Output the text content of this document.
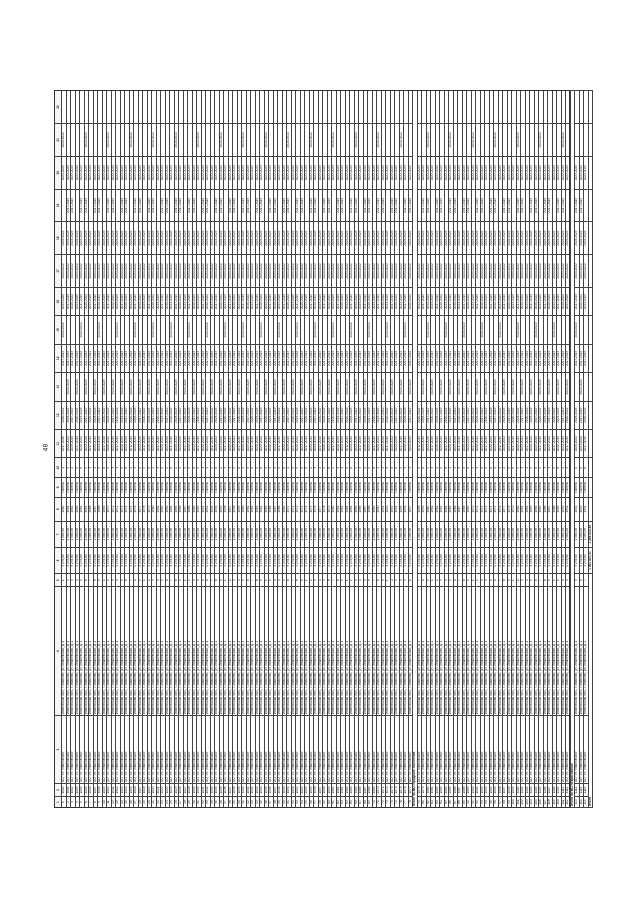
48
1	2	3	4	5	6	7	8	9	10	11	12	13	14	15	16	17	18	19	20	21	22
1	1000	АО "УК "Ивановский"	Ивановская обл., г. Иваново, ул. Лежневская, д. 1	1	3 278,80	1 583,58	1960	Панель	2	2017-2019	2020-2022		2017-2019	2020-2022	2023-2025	2020-2022	2023-2025		2023-2025	2020-2022	
2	1001	АО "УК "Ивановский"	Ивановская обл., г. Иваново, ул. Лежневская, д. 1	2	3 278,80	1 583,58	1961	Панель	3	2020-2022	2023-2025	2023-2025	2017-2019		2017-2019	2020-2022	2023-2025	2017-2019	2023-2025		
3	1002	АО "УК "Ивановский"	Ивановская обл., г. Иваново, ул. Лежневская, д. 1	3	3 278,80	1 583,58	1962	Панель	4	2023-2025	2017-2019		2017-2019		2020-2022	2020-2022	2023-2025	2017-2019	2023-2025		
4	1003	АО "УК "Ивановский"	Ивановская обл., г. Иваново, ул. Лежневская, д. 1	4	3 278,80	1 583,58	1963	Панель	5	2017-2019	2020-2022	2023-2025	2017-2019		2023-2025	2020-2022	2023-2025		2023-2025		
5	1004	АО "УК "Ивановский"	Ивановская обл., г. Иваново, ул. Лежневская, д. 1	5	3 278,80	1 583,58	1964	Панель	6	2020-2022	2023-2025		2017-2019	2020-2022	2017-2019	2020-2022	2023-2025	2017-2019	2023-2025		
6	1005	АО "УК "Ивановский"	Ивановская обл., г. Иваново, ул. Лежневская, д. 1	6	3 278,80	1 583,58	1965	Панель	2	2023-2025	2017-2019	2023-2025	2017-2019		2020-2022	2020-2022	2023-2025	2017-2019	2023-2025	2020-2022	
7	1006	АО "УК "Ивановский"	Ивановская обл., г. Иваново, ул. Лежневская, д. 1	7	3 278,80	1 583,58	1966	Панель	3	2017-2019	2020-2022		2017-2019		2023-2025	2020-2022	2023-2025		2023-2025		
8	1007	АО "УК "Ивановский"	Ивановская обл., г. Иваново, ул. Лежневская, д. 1	8	3 278,80	1 583,58	1967	Панель	4	2020-2022	2023-2025	2023-2025	2017-2019		2017-2019	2020-2022	2023-2025	2017-2019	2023-2025		
9	1008	АО "УК "Ивановский"	Ивановская обл., г. Иваново, ул. Лежневская, д. 1	9	3 278,80	1 583,58	1968	Панель	5	2023-2025	2017-2019		2017-2019	2020-2022	2020-2022	2020-2022	2023-2025	2017-2019	2023-2025		
10	1009	АО "УК "Ивановский"	Ивановская обл., г. Иваново, ул. Лежневская, д. 1	1	3 278,80	1 583,58	1969	Панель	6	2017-2019	2020-2022	2023-2025	2017-2019		2023-2025	2020-2022	2023-2025		2023-2025		
11	1010	АО "УК "Ивановский"	Ивановская обл., г. Иваново, ул. Лежневская, д. 1	2	3 278,80	1 583,58	1970	Панель	2	2020-2022	2023-2025		2017-2019		2017-2019	2020-2022	2023-2025	2017-2019	2023-2025	2020-2022	
12	1011	АО "УК "Ивановский"	Ивановская обл., г. Иваново, ул. Лежневская, д. 1	3	3 278,80	1 583,58	1971	Панель	3	2023-2025	2017-2019	2023-2025	2017-2019		2020-2022	2020-2022	2023-2025	2017-2019	2023-2025		
13	1012	АО "УК "Ивановский"	Ивановская обл., г. Иваново, ул. Лежневская, д. 1	4	3 278,80	1 583,58	1972	Панель	4	2017-2019	2020-2022		2017-2019	2020-2022	2023-2025	2020-2022	2023-2025		2023-2025		
14	1013	АО "УК "Ивановский"	Ивановская обл., г. Иваново, ул. Лежневская, д. 1	5	3 278,80	1 583,58	1973	Панель	5	2020-2022	2023-2025	2023-2025	2017-2019		2017-2019	2020-2022	2023-2025	2017-2019	2023-2025		
15	1014	АО "УК "Ивановский"	Ивановская обл., г. Иваново, ул. Лежневская, д. 1	6	3 278,80	1 583,58	1974	Панель	6	2023-2025	2017-2019		2017-2019		2020-2022	2020-2022	2023-2025	2017-2019	2023-2025		
16	1015	АО "УК "Ивановский"	Ивановская обл., г. Иваново, ул. Лежневская, д. 1	7	3 278,80	1 583,58	1975	Панель	2	2017-2019	2020-2022	2023-2025	2017-2019		2023-2025	2020-2022	2023-2025		2023-2025	2020-2022	
17	1016	АО "УК "Ивановский"	Ивановская обл., г. Иваново, ул. Лежневская, д. 1	8	3 278,80	1 583,58	1976	Панель	3	2020-2022	2023-2025		2017-2019	2020-2022	2017-2019	2020-2022	2023-2025	2017-2019	2023-2025		
18	1017	АО "УК "Ивановский"	Ивановская обл., г. Иваново, ул. Лежневская, д. 1	9	3 278,80	1 583,58	1977	Панель	4	2023-2025	2017-2019	2023-2025	2017-2019		2020-2022	2020-2022	2023-2025	2017-2019	2023-2025		
19	1018	АО "УК "Ивановский"	Ивановская обл., г. Иваново, ул. Лежневская, д. 1	1	3 278,80	1 583,58	1978	Панель	5	2017-2019	2020-2022		2017-2019		2023-2025	2020-2022	2023-2025		2023-2025		
20	1019	АО "УК "Ивановский"	Ивановская обл., г. Иваново, ул. Лежневская, д. 1	2	3 278,80	1 583,58	1979	Панель	6	2020-2022	2023-2025	2023-2025	2017-2019		2017-2019	2020-2022	2023-2025	2017-2019	2023-2025		
21	1020	АО "УК "Ивановский"	Ивановская обл., г. Иваново, ул. Лежневская, д. 1	3	3 278,80	1 583,58	1980	Панель	2	2023-2025	2017-2019		2017-2019	2020-2022	2020-2022	2020-2022	2023-2025	2017-2019	2023-2025	2020-2022	
22	1021	АО "УК "Ивановский"	Ивановская обл., г. Иваново, ул. Лежневская, д. 1	4	3 278,80	1 583,58	1981	Панель	3	2017-2019	2020-2022	2023-2025	2017-2019		2023-2025	2020-2022	2023-2025		2023-2025		
23	1022	АО "УК "Ивановский"	Ивановская обл., г. Иваново, ул. Лежневская, д. 1	5	3 278,80	1 583,58	1982	Панель	4	2020-2022	2023-2025		2017-2019		2017-2019	2020-2022	2023-2025	2017-2019	2023-2025		
24	1023	АО "УК "Ивановский"	Ивановская обл., г. Иваново, ул. Лежневская, д. 1	6	3 278,80	1 583,58	1983	Панель	5	2023-2025	2017-2019	2023-2025	2017-2019		2020-2022	2020-2022	2023-2025	2017-2019	2023-2025		
25	1024	АО "УК "Ивановский"	Ивановская обл., г. Иваново, ул. Лежневская, д. 1	7	3 278,80	1 583,58	1984	Панель	6	2017-2019	2020-2022		2017-2019	2020-2022	2023-2025	2020-2022	2023-2025		2023-2025		
26	1025	АО "УК "Ивановский"	Ивановская обл., г. Иваново, ул. Лежневская, д. 1	8	3 278,80	1 583,58	1985	Панель	2	2020-2022	2023-2025	2023-2025	2017-2019		2017-2019	2020-2022	2023-2025	2017-2019	2023-2025	2020-2022	
27	1026	АО "УК "Ивановский"	Ивановская обл., г. Иваново, ул. Лежневская, д. 1	9	3 278,80	1 583,58	1986	Панель	3	2023-2025	2017-2019		2017-2019		2020-2022	2020-2022	2023-2025	2017-2019	2023-2025		
28	1027	АО "УК "Ивановский"	Ивановская обл., г. Иваново, ул. Лежневская, д. 1	1	3 278,80	1 583,58	1987	Панель	4	2017-2019	2020-2022	2023-2025	2017-2019		2023-2025	2020-2022	2023-2025		2023-2025		
29	1028	АО "УК "Ивановский"	Ивановская обл., г. Иваново, ул. Лежневская, д. 1	2	3 278,80	1 583,58	1988	Панель	5	2020-2022	2023-2025		2017-2019	2020-2022	2017-2019	2020-2022	2023-2025	2017-2019	2023-2025		
30	1029	АО "УК "Ивановский"	Ивановская обл., г. Иваново, ул. Лежневская, д. 1	3	3 278,80	1 583,58	1989	Панель	6	2023-2025	2017-2019	2023-2025	2017-2019		2020-2022	2020-2022	2023-2025	2017-2019	2023-2025		
31	1030	АО "УК "Ивановский"	Ивановская обл., г. Иваново, ул. Лежневская, д. 1	4	3 278,80	1 583,58	1990	Панель	2	2017-2019	2020-2022		2017-2019		2023-2025	2020-2022	2023-2025		2023-2025	2020-2022	
32	1031	АО "УК "Ивановский"	Ивановская обл., г. Иваново, ул. Лежневская, д. 1	5	3 278,80	1 583,58	1991	Панель	3	2020-2022	2023-2025	2023-2025	2017-2019		2017-2019	2020-2022	2023-2025	2017-2019	2023-2025		
33	1032	АО "УК "Ивановский"	Ивановская обл., г. Иваново, ул. Лежневская, д. 1	6	3 278,80	1 583,58	1992	Панель	4	2023-2025	2017-2019		2017-2019	2020-2022	2020-2022	2020-2022	2023-2025	2017-2019	2023-2025		
34	1033	АО "УК "Ивановский"	Ивановская обл., г. Иваново, ул. Лежневская, д. 1	7	3 278,80	1 583,58	1993	Панель	5	2017-2019	2020-2022	2023-2025	2017-2019		2023-2025	2020-2022	2023-2025		2023-2025		
35	1034	АО "УК "Ивановский"	Ивановская обл., г. Иваново, ул. Лежневская, д. 1	8	3 278,80	1 583,58	1994	Панель	6	2020-2022	2023-2025		2017-2019		2017-2019	2020-2022	2023-2025	2017-2019	2023-2025		
36	1035	АО "УК "Ивановский"	Ивановская обл., г. Иваново, ул. Лежневская, д. 1	9	3 278,80	1 583,58	1995	Панель	2	2023-2025	2017-2019	2023-2025	2017-2019		2020-2022	2020-2022	2023-2025	2017-2019	2023-2025	2020-2022	
37	1036	АО "УК "Ивановский"	Ивановская обл., г. Иваново, ул. Лежневская, д. 1	1	3 278,80	1 583,58	1996	Панель	3	2017-2019	2020-2022		2017-2019	2020-2022	2023-2025	2020-2022	2023-2025		2023-2025		
38	1037	АО "УК "Ивановский"	Ивановская обл., г. Иваново, ул. Лежневская, д. 1	2	3 278,80	1 583,58	1997	Панель	4	2020-2022	2023-2025	2023-2025	2017-2019		2017-2019	2020-2022	2023-2025	2017-2019	2023-2025		
39	1038	АО "УК "Ивановский"	Ивановская обл., г. Иваново, ул. Лежневская, д. 1	3	3 278,80	1 583,58	1998	Панель	5	2023-2025	2017-2019		2017-2019		2020-2022	2020-2022	2023-2025	2017-2019	2023-2025		
40	1039	АО "УК "Ивановский"	Ивановская обл., г. Иваново, ул. Лежневская, д. 1	4	3 278,80	1 583,58	1999	Панель	6	2017-2019	2020-2022	2023-2025	2017-2019		2023-2025	2020-2022	2023-2025		2023-2025		
41	1040	АО "УК "Ивановский"	Ивановская обл., г. Иваново, ул. Лежневская, д. 1	5	3 278,80	1 583,58	1960	Панель	2	2020-2022	2023-2025		2017-2019	2020-2022	2017-2019	2020-2022	2023-2025	2017-2019	2023-2025	2020-2022	
42	1041	АО "УК "Ивановский"	Ивановская обл., г. Иваново, ул. Лежневская, д. 1	6	3 278,80	1 583,58	1961	Панель	3	2023-2025	2017-2019	2023-2025	2017-2019		2020-2022	2020-2022	2023-2025	2017-2019	2023-2025		
43	1042	АО "УК "Ивановский"	Ивановская обл., г. Иваново, ул. Лежневская, д. 1	7	3 278,80	1 583,58	1962	Панель	4	2017-2019	2020-2022		2017-2019		2023-2025	2020-2022	2023-2025		2023-2025		
44	1043	АО "УК "Ивановский"	Ивановская обл., г. Иваново, ул. Лежневская, д. 1	8	3 278,80	1 583,58	1963	Панель	5	2020-2022	2023-2025	2023-2025	2017-2019		2017-2019	2020-2022	2023-2025	2017-2019	2023-2025		
45	1044	АО "УК "Ивановский"	Ивановская обл., г. Иваново, ул. Лежневская, д. 1	9	3 278,80	1 583,58	1964	Панель	6	2023-2025	2017-2019		2017-2019	2020-2022	2020-2022	2020-2022	2023-2025	2017-2019	2023-2025		
46	1045	АО "УК "Ивановский"	Ивановская обл., г. Иваново, ул. Лежневская, д. 1	1	3 278,80	1 583,58	1965	Панель	2	2017-2019	2020-2022	2023-2025	2017-2019		2023-2025	2020-2022	2023-2025		2023-2025	2020-2022	
47	1046	АО "УК "Ивановский"	Ивановская обл., г. Иваново, ул. Лежневская, д. 1	2	3 278,80	1 583,58	1966	Панель	3	2020-2022	2023-2025		2017-2019		2017-2019	2020-2022	2023-2025	2017-2019	2023-2025		
48	1047	АО "УК "Ивановский"	Ивановская обл., г. Иваново, ул. Лежневская, д. 1	3	3 278,80	1 583,58	1967	Панель	4	2023-2025	2017-2019	2023-2025	2017-2019		2020-2022	2020-2022	2023-2025	2017-2019	2023-2025		
49	1048	АО "УК "Ивановский"	Ивановская обл., г. Иваново, ул. Лежневская, д. 1	4	3 278,80	1 583,58	1968	Панель	5	2017-2019	2020-2022		2017-2019	2020-2022	2023-2025	2020-2022	2023-2025		2023-2025		
50	1049	АО "УК "Ивановский"	Ивановская обл., г. Иваново, ул. Лежневская, д. 1	5	3 278,80	1 583,58	1969	Панель	6	2020-2022	2023-2025	2023-2025	2017-2019		2017-2019	2020-2022	2023-2025	2017-2019	2023-2025		
51	1050	АО "УК "Ивановский"	Ивановская обл., г. Иваново, ул. Лежневская, д. 1	6	3 278,80	1 583,58	1970	Панель	2	2023-2025	2017-2019		2017-2019		2020-2022	2020-2022	2023-2025	2017-2019	2023-2025	2020-2022	
52	1051	АО "УК "Ивановский"	Ивановская обл., г. Иваново, ул. Лежневская, д. 1	7	3 278,80	1 583,58	1971	Панель	3	2017-2019	2020-2022	2023-2025	2017-2019		2023-2025	2020-2022	2023-2025		2023-2025		
53	1052	АО "УК "Ивановский"	Ивановская обл., г. Иваново, ул. Лежневская, д. 1	8	3 278,80	1 583,58	1972	Панель	4	2020-2022	2023-2025		2017-2019	2020-2022	2017-2019	2020-2022	2023-2025	2017-2019	2023-2025		
54	1053	АО "УК "Ивановский"	Ивановская обл., г. Иваново, ул. Лежневская, д. 1	9	3 278,80	1 583,58	1973	Панель	5	2023-2025	2017-2019	2023-2025	2017-2019		2020-2022	2020-2022	2023-2025	2017-2019	2023-2025		
55	1054	АО "УК "Ивановский"	Ивановская обл., г. Иваново, ул. Лежневская, д. 1	1	3 278,80	1 583,58	1974	Панель	6	2017-2019	2020-2022		2017-2019		2023-2025	2020-2022	2023-2025		2023-2025		
56	1055	АО "УК "Ивановский"	Ивановская обл., г. Иваново, ул. Лежневская, д. 1	2	3 278,80	1 583,58	1975	Панель	2	2020-2022	2023-2025	2023-2025	2017-2019		2017-2019	2020-2022	2023-2025	2017-2019	2023-2025	2020-2022	
57	1056	АО "УК "Ивановский"	Ивановская обл., г. Иваново, ул. Лежневская, д. 1	3	3 278,80	1 583,58	1976	Панель	3	2023-2025	2017-2019		2017-2019	2020-2022	2020-2022	2020-2022	2023-2025	2017-2019	2023-2025		
58	1057	АО "УК "Ивановский"	Ивановская обл., г. Иваново, ул. Лежневская, д. 1	4	3 278,80	1 583,58	1977	Панель	4	2017-2019	2020-2022	2023-2025	2017-2019		2023-2025	2020-2022	2023-2025		2023-2025		
59	1058	АО "УК "Ивановский"	Ивановская обл., г. Иваново, ул. Лежневская, д. 1	5	3 278,80	1 583,58	1978	Панель	5	2020-2022	2023-2025		2017-2019		2017-2019	2020-2022	2023-2025	2017-2019	2023-2025		
60	1059	АО "УК "Ивановский"	Ивановская обл., г. Иваново, ул. Лежневская, д. 1	6	3 278,80	1 583,58	1979	Панель	6	2023-2025	2017-2019	2023-2025	2017-2019		2020-2022	2020-2022	2023-2025	2017-2019	2023-2025		
61	1060	АО "УК "Ивановский"	Ивановская обл., г. Иваново, ул. Лежневская, д. 1	7	3 278,80	1 583,58	1980	Панель	2	2017-2019	2020-2022		2017-2019	2020-2022	2023-2025	2020-2022	2023-2025		2023-2025	2020-2022	
62	1061	АО "УК "Ивановский"	Ивановская обл., г. Иваново, ул. Лежневская, д. 1	8	3 278,80	1 583,58	1981	Панель	3	2020-2022	2023-2025	2023-2025	2017-2019		2017-2019	2020-2022	2023-2025	2017-2019	2023-2025		
63	1062	АО "УК "Ивановский"	Ивановская обл., г. Иваново, ул. Лежневская, д. 1	9	3 278,80	1 583,58	1982	Панель	4	2023-2025	2017-2019		2017-2019		2020-2022	2020-2022	2023-2025	2017-2019	2023-2025		
64	1063	АО "УК "Ивановский"	Ивановская обл., г. Иваново, ул. Лежневская, д. 1	1	3 278,80	1 583,58	1983	Панель	5	2017-2019	2020-2022	2023-2025	2017-2019		2023-2025	2020-2022	2023-2025		2023-2025		
65	1064	АО "УК "Ивановский"	Ивановская обл., г. Иваново, ул. Лежневская, д. 1	2	3 278,80	1 583,58	1984	Панель	6	2020-2022	2023-2025		2017-2019	2020-2022	2017-2019	2020-2022	2023-2025	2017-2019	2023-2025		
66	1065	АО "УК "Ивановский"	Ивановская обл., г. Иваново, ул. Лежневская, д. 1	3	3 278,80	1 583,58	1985	Панель	2	2023-2025	2017-2019	2023-2025	2017-2019		2020-2022	2020-2022	2023-2025	2017-2019	2023-2025	2020-2022	
67	1066	АО "УК "Ивановский"	Ивановская обл., г. Иваново, ул. Лежневская, д. 1	4	3 278,80	1 583,58	1986	Панель	3	2017-2019	2020-2022		2017-2019		2023-2025	2020-2022	2023-2025		2023-2025		
68	1067	АО "УК "Ивановский"	Ивановская обл., г. Иваново, ул. Лежневская, д. 1	5	3 278,80	1 583,58	1987	Панель	4	2020-2022	2023-2025	2023-2025	2017-2019		2017-2019	2020-2022	2023-2025	2017-2019	2023-2025		
69	1068	АО "УК "Ивановский"	Ивановская обл., г. Иваново, ул. Лежневская, д. 1	6	3 278,80	1 583,58	1988	Панель	5	2023-2025	2017-2019		2017-2019	2020-2022	2020-2022	2020-2022	2023-2025	2017-2019	2023-2025		
70	1069	АО "УК "Ивановский"	Ивановская обл., г. Иваново, ул. Лежневская, д. 1	7	3 278,80	1 583,58	1989	Панель	6	2017-2019	2020-2022	2023-2025	2017-2019		2023-2025	2020-2022	2023-2025		2023-2025		
71	1070	АО "УК "Ивановский"	Ивановская обл., г. Иваново, ул. Лежневская, д. 1	8	3 278,80	1 583,58	1990	Панель	2	2020-2022	2023-2025		2017-2019		2017-2019	2020-2022	2023-2025	2017-2019	2023-2025	2020-2022	
72	1071	АО "УК "Ивановский"	Ивановская обл., г. Иваново, ул. Лежневская, д. 1	9	3 278,80	1 583,58	1991	Панель	3	2023-2025	2017-2019	2023-2025	2017-2019		2020-2022	2020-2022	2023-2025	2017-2019	2023-2025		
73	1072	АО "УК "Ивановский"	Ивановская обл., г. Иваново, ул. Лежневская, д. 1	1	3 278,80	1 583,58	1992	Панель	4	2017-2019	2020-2022		2017-2019	2020-2022	2023-2025	2020-2022	2023-2025		2023-2025		
74	1073	АО "УК "Ивановский"	Ивановская обл., г. Иваново, ул. Лежневская, д. 1	2	3 278,80	1 583,58	1993	Панель	5	2020-2022	2023-2025	2023-2025	2017-2019		2017-2019	2020-2022	2023-2025	2017-2019	2023-2025		
75	1074	АО "УК "Ивановский"	Ивановская обл., г. Иваново, ул. Лежневская, д. 1	3	3 278,80	1 583,58	1994	Панель	6	2023-2025	2017-2019		2017-2019		2020-2022	2020-2022	2023-2025	2017-2019	2023-2025		
76	1075	АО "УК "Ивановский"	Ивановская обл., г. Иваново, ул. Лежневская, д. 1	4	3 278,80	1 583,58	1995	Панель	2	2017-2019	2020-2022	2023-2025	2017-2019		2023-2025	2020-2022	2023-2025		2023-2025	2020-2022	
77	1076	АО "УК "Ивановский"	Ивановская обл., г. Иваново, ул. Лежневская, д. 1	5	3 278,80	1 583,58	1996	Панель	3	2020-2022	2023-2025		2017-2019	2020-2022	2017-2019	2020-2022	2023-2025	2017-2019	2023-2025		
78	1077	АО "УК "Ивановский"	Ивановская обл., г. Иваново, ул. Лежневская, д. 1	6	3 278,80	1 583,58	1997	Панель	4	2023-2025	2017-2019	2023-2025	2017-2019		2020-2022	2020-2022	2023-2025	2017-2019	2023-2025		
Итого по МО городское поселение																					
79	1078	АО "УК "Ивановский"	Ивановская обл., г. Иваново, ул. Лежневская, д. 1	7	3 278,80	1 583,58	1998	Панель	5	2017-2019	2020-2022		2017-2019		2023-2025	2020-2022	2023-2025		2023-2025		
80	1079	АО "УК "Ивановский"	Ивановская обл., г. Иваново, ул. Лежневская, д. 1	8	3 278,80	1 583,58	1999	Панель	6	2020-2022	2023-2025	2023-2025	2017-2019		2017-2019	2020-2022	2023-2025	2017-2019	2023-2025		
81	1080	АО "УК "Ивановский"	Ивановская обл., г. Иваново, ул. Лежневская, д. 1	9	3 278,80	1 583,58	1960	Панель	2	2023-2025	2017-2019		2017-2019	2020-2022	2020-2022	2020-2022	2023-2025	2017-2019	2023-2025	2020-2022	
82	1081	АО "УК "Ивановский"	Ивановская обл., г. Иваново, ул. Лежневская, д. 1	1	3 278,80	1 583,58	1961	Панель	3	2017-2019	2020-2022	2023-2025	2017-2019		2023-2025	2020-2022	2023-2025		2023-2025		
83	1082	АО "УК "Ивановский"	Ивановская обл., г. Иваново, ул. Лежневская, д. 1	2	3 278,80	1 583,58	1962	Панель	4	2020-2022	2023-2025		2017-2019		2017-2019	2020-2022	2023-2025	2017-2019	2023-2025		
84	1083	АО "УК "Ивановский"	Ивановская обл., г. Иваново, ул. Лежневская, д. 1	3	3 278,80	1 583,58	1963	Панель	5	2023-2025	2017-2019	2023-2025	2017-2019		2020-2022	2020-2022	2023-2025	2017-2019	2023-2025		
85	1084	АО "УК "Ивановский"	Ивановская обл., г. Иваново, ул. Лежневская, д. 1	4	3 278,80	1 583,58	1964	Панель	6	2017-2019	2020-2022		2017-2019	2020-2022	2023-2025	2020-2022	2023-2025		2023-2025		
86	1085	АО "УК "Ивановский"	Ивановская обл., г. Иваново, ул. Лежневская, д. 1	5	3 278,80	1 583,58	1965	Панель	2	2020-2022	2023-2025	2023-2025	2017-2019		2017-2019	2020-2022	2023-2025	2017-2019	2023-2025	2020-2022	
87	1086	АО "УК "Ивановский"	Ивановская обл., г. Иваново, ул. Лежневская, д. 1	6	3 278,80	1 583,58	1966	Панель	3	2023-2025	2017-2019		2017-2019		2020-2022	2020-2022	2023-2025	2017-2019	2023-2025		
88	1087	АО "УК "Ивановский"	Ивановская обл., г. Иваново, ул. Лежневская, д. 1	7	3 278,80	1 583,58	1967	Панель	4	2017-2019	2020-2022	2023-2025	2017-2019		2023-2025	2020-2022	2023-2025		2023-2025		
89	1088	АО "УК "Ивановский"	Ивановская обл., г. Иваново, ул. Лежневская, д. 1	8	3 278,80	1 583,58	1968	Панель	5	2020-2022	2023-2025		2017-2019	2020-2022	2017-2019	2020-2022	2023-2025	2017-2019	2023-2025		
90	1089	АО "УК "Ивановский"	Ивановская обл., г. Иваново, ул. Лежневская, д. 1	9	3 278,80	1 583,58	1969	Панель	6	2023-2025	2017-2019	2023-2025	2017-2019		2020-2022	2020-2022	2023-2025	2017-2019	2023-2025		
91	1090	АО "УК "Ивановский"	Ивановская обл., г. Иваново, ул. Лежневская, д. 1	1	3 278,80	1 583,58	1970	Панель	2	2017-2019	2020-2022		2017-2019		2023-2025	2020-2022	2023-2025		2023-2025	2020-2022	
92	1091	АО "УК "Ивановский"	Ивановская обл., г. Иваново, ул. Лежневская, д. 1	2	3 278,80	1 583,58	1971	Панель	3	2020-2022	2023-2025	2023-2025	2017-2019		2017-2019	2020-2022	2023-2025	2017-2019	2023-2025		
93	1092	АО "УК "Ивановский"	Ивановская обл., г. Иваново, ул. Лежневская, д. 1	3	3 278,80	1 583,58	1972	Панель	4	2023-2025	2017-2019		2017-2019	2020-2022	2020-2022	2020-2022	2023-2025	2017-2019	2023-2025		
94	1093	АО "УК "Ивановский"	Ивановская обл., г. Иваново, ул. Лежневская, д. 1	4	3 278,80	1 583,58	1973	Панель	5	2017-2019	2020-2022	2023-2025	2017-2019		2023-2025	2020-2022	2023-2025		2023-2025		
95	1094	АО "УК "Ивановский"	Ивановская обл., г. Иваново, ул. Лежневская, д. 1	5	3 278,80	1 583,58	1974	Панель	6	2020-2022	2023-2025		2017-2019		2017-2019	2020-2022	2023-2025	2017-2019	2023-2025		
96	1095	АО "УК "Ивановский"	Ивановская обл., г. Иваново, ул. Лежневская, д. 1	6	3 278,80	1 583,58	1975	Панель	2	2023-2025	2017-2019	2023-2025	2017-2019		2020-2022	2020-2022	2023-2025	2017-2019	2023-2025	2020-2022	
97	1096	АО "УК "Ивановский"	Ивановская обл., г. Иваново, ул. Лежневская, д. 1	7	3 278,80	1 583,58	1976	Панель	3	2017-2019	2020-2022		2017-2019	2020-2022	2023-2025	2020-2022	2023-2025		2023-2025		
98	1097	АО "УК "Ивановский"	Ивановская обл., г. Иваново, ул. Лежневская, д. 1	8	3 278,80	1 583,58	1977	Панель	4	2020-2022	2023-2025	2023-2025	2017-2019		2017-2019	2020-2022	2023-2025	2017-2019	2023-2025		
99	1098	АО "УК "Ивановский"	Ивановская обл., г. Иваново, ул. Лежневская, д. 1	9	3 278,80	1 583,58	1978	Панель	5	2023-2025	2017-2019		2017-2019		2020-2022	2020-2022	2023-2025	2017-2019	2023-2025		
100	1099	АО "УК "Ивановский"	Ивановская обл., г. Иваново, ул. Лежневская, д. 1	1	3 278,80	1 583,58	1979	Панель	6	2017-2019	2020-2022	2023-2025	2017-2019		2023-2025	2020-2022	2023-2025		2023-2025		
101	1100	АО "УК "Ивановский"	Ивановская обл., г. Иваново, ул. Лежневская, д. 1	2	3 278,80	1 583,58	1980	Панель	2	2020-2022	2023-2025		2017-2019	2020-2022	2017-2019	2020-2022	2023-2025	2017-2019	2023-2025	2020-2022	
102	1101	АО "УК "Ивановский"	Ивановская обл., г. Иваново, ул. Лежневская, д. 1	3	3 278,80	1 583,58	1981	Панель	3	2023-2025	2017-2019	2023-2025	2017-2019		2020-2022	2020-2022	2023-2025	2017-2019	2023-2025		
103	1102	АО "УК "Ивановский"	Ивановская обл., г. Иваново, ул. Лежневская, д. 1	4	3 278,80	1 583,58	1982	Панель	4	2017-2019	2020-2022		2017-2019		2023-2025	2020-2022	2023-2025		2023-2025		
104	1103	АО "УК "Ивановский"	Ивановская обл., г. Иваново, ул. Лежневская, д. 1	5	3 278,80	1 583,58	1983	Панель	5	2020-2022	2023-2025	2023-2025	2017-2019		2017-2019	2020-2022	2023-2025	2017-2019	2023-2025		
105	1104	АО "УК "Ивановский"	Ивановская обл., г. Иваново, ул. Лежневская, д. 1	6	3 278,80	1 583,58	1984	Панель	6	2023-2025	2017-2019		2017-2019	2020-2022	2020-2022	2020-2022	2023-2025	2017-2019	2023-2025		
106	1105	АО "УК "Ивановский"	Ивановская обл., г. Иваново, ул. Лежневская, д. 1	7	3 278,80	1 583,58	1985	Панель	2	2017-2019	2020-2022	2023-2025	2017-2019		2023-2025	2020-2022	2023-2025		2023-2025	2020-2022	
107	1106	АО "УК "Ивановский"	Ивановская обл., г. Иваново, ул. Лежневская, д. 1	8	3 278,80	1 583,58	1986	Панель	3	2020-2022	2023-2025		2017-2019		2017-2019	2020-2022	2023-2025	2017-2019	2023-2025		
108	1107	АО "УК "Ивановский"	Ивановская обл., г. Иваново, ул. Лежневская, д. 1	9	3 278,80	1 583,58	1987	Панель	4	2023-2025	2017-2019	2023-2025	2017-2019		2020-2022	2020-2022	2023-2025	2017-2019	2023-2025		
109	1108	АО "УК "Ивановский"	Ивановская обл., г. Иваново, ул. Лежневская, д. 1	1	3 278,80	1 583,58	1988	Панель	5	2017-2019	2020-2022		2017-2019	2020-2022	2023-2025	2020-2022	2023-2025		2023-2025		
110	1109	АО "УК "Ивановский"	Ивановская обл., г. Иваново, ул. Лежневская, д. 1	2	3 278,80	1 583,58	1989	Панель	6	2020-2022	2023-2025	2023-2025	2017-2019		2017-2019	2020-2022	2023-2025	2017-2019	2023-2025		
111	1110	АО "УК "Ивановский"	Ивановская обл., г. Иваново, ул. Лежневская, д. 1	3	3 278,80	1 583,58	1990	Панель	2	2023-2025	2017-2019		2017-2019		2020-2022	2020-2022	2023-2025	2017-2019	2023-2025	2020-2022	
112	1111	АО "УК "Ивановский"	Ивановская обл., г. Иваново, ул. Лежневская, д. 1	4	3 278,80	1 583,58	1991	Панель	3	2017-2019	2020-2022	2023-2025	2017-2019		2023-2025	2020-2022	2023-2025		2023-2025		
Итого по МО Некрасовское																					
113	1112	АО "УК "Ивановский"	Ивановская обл., г. Иваново, ул. Лежневская, д. 1	5	3 278,80	1 583,58	1992	Панель	4	2020-2022	2023-2025		2017-2019	2020-2022	2017-2019	2020-2022	2023-2025	2017-2019	2023-2025		
114	1113	АО "УК "Ивановский"	Ивановская обл., г. Иваново, ул. Лежневская, д. 1	6	3 278,80	1 583,58	1993	Панель	5	2023-2025	2017-2019	2023-2025	2017-2019		2020-2022	2020-2022	2023-2025	2017-2019	2023-2025		
115	1114	АО "УК "Ивановский"	Ивановская обл., г. Иваново, ул. Лежневская, д. 1	7	3 278,80	1 583,58	1994	Панель	6	2017-2019	2020-2022		2017-2019		2023-2025	2020-2022	2023-2025		2023-2025		
Итого					1 961 957,51	1 084 520,46															
